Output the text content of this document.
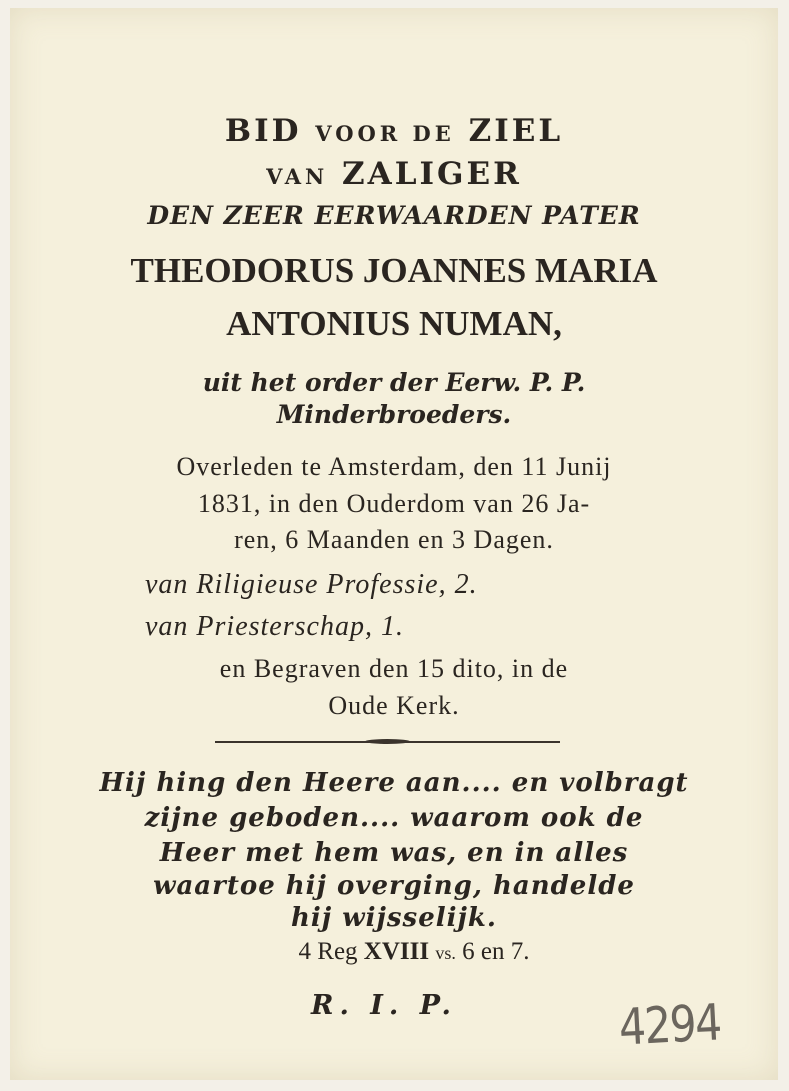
BID VOOR DE ZIEL
VAN ZALIGER
DEN ZEER EERWAARDEN PATER
THEODORUS JOANNES MARIA
ANTONIUS NUMAN,
uit het order der Eerw. P. P.
Minderbroeders.
Overleden te Amsterdam, den 11 Junij
1831, in den Ouderdom van 26 Ja-
ren, 6 Maanden en 3 Dagen.
van Riligieuse Professie, 2.
van Priesterschap, 1.
en Begraven den 15 dito, in de
Oude Kerk.
Hij hing den Heere aan.... en volbragt
zijne geboden.... waarom ook de
Heer met hem was, en in alles
waartoe hij overging, handelde
hij wijsselijk.
4 Reg XVIII vs. 6 en 7.
R. I. P.	4294
